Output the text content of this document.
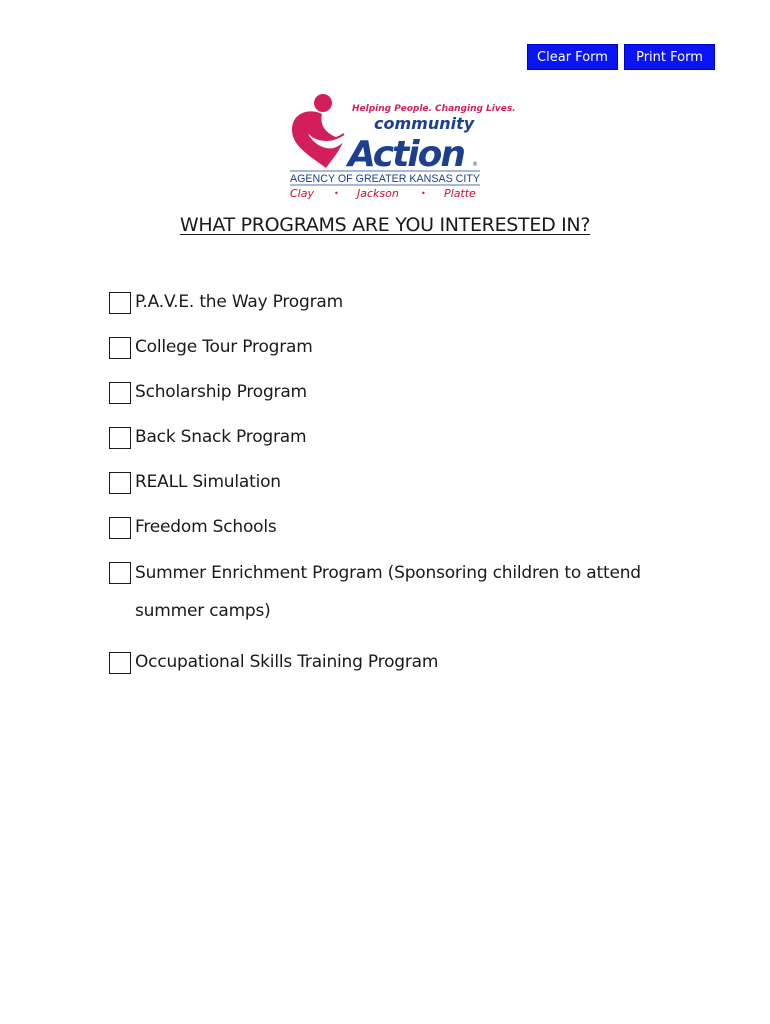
Clear Form	Print Form
Helping People. Changing Lives.
community
Action ®
AGENCY OF GREATER KANSAS CITY
Clay	• Jackson	• Platte
WHAT PROGRAMS ARE YOU INTERESTED IN?
P.A.V.E. the Way Program
College Tour Program
Scholarship Program
Back Snack Program
REALL Simulation
Freedom Schools
Summer Enrichment Program (Sponsoring children to attend summer camps)
Occupational Skills Training Program
